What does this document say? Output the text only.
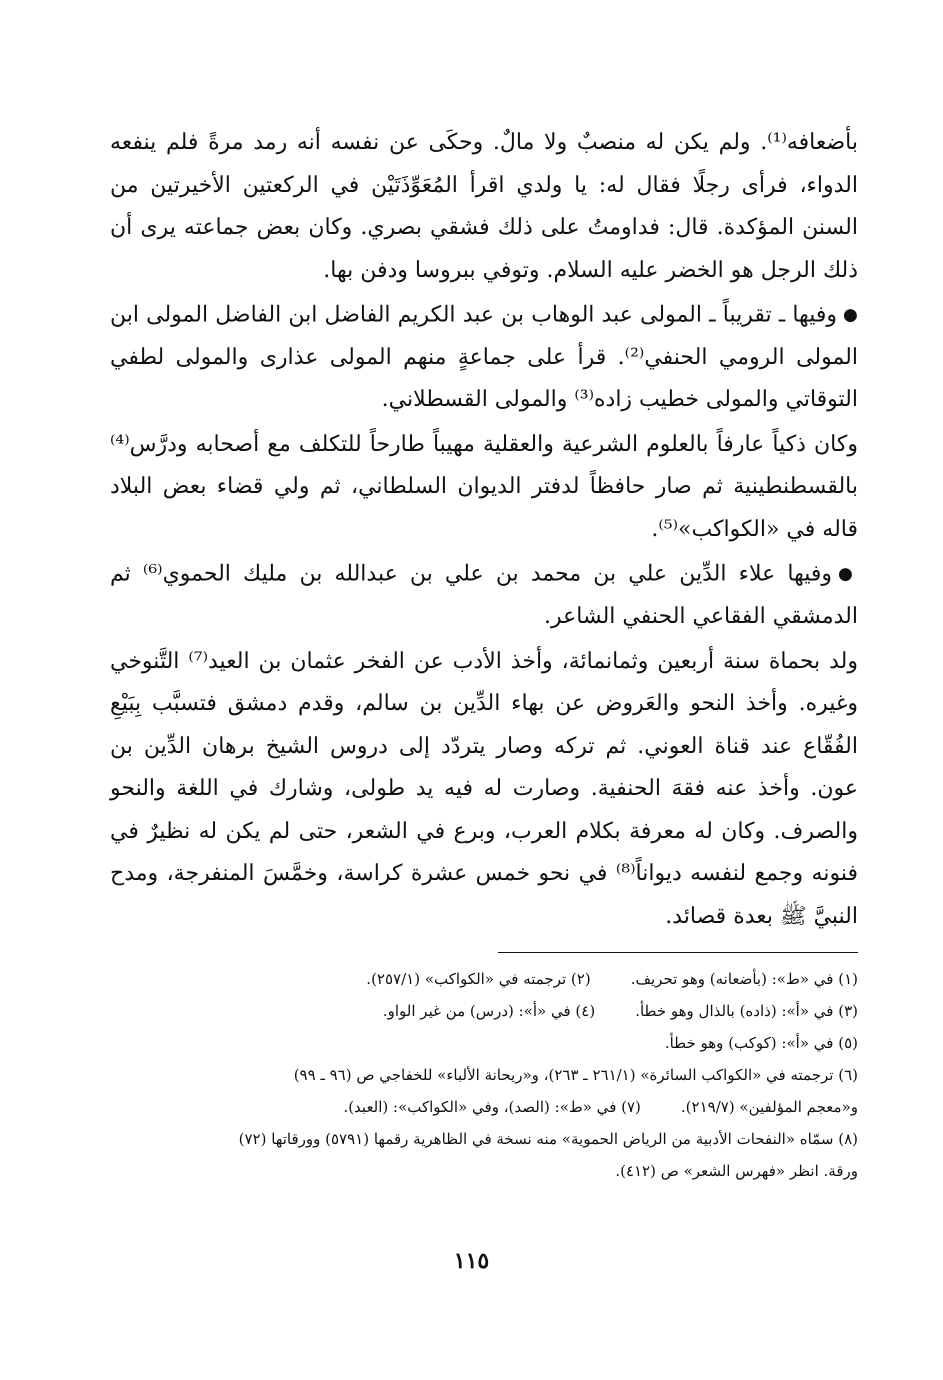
بأضعافه⁽¹⁾. ولم يكن له منصبٌ ولا مالٌ. وحكَى عن نفسه أنه رمد مرةً فلم ينفعه الدواء، فرأى رجلًا فقال له: يا ولدي اقرأ المُعَوِّذَتَيْن في الركعتين الأخيرتين من السنن المؤكدة. قال: فداومتُ على ذلك فشقي بصري. وكان بعض جماعته يرى أن ذلك الرجل هو الخضر عليه السلام. وتوفي ببروسا ودفن بها.

●وفيها ـ تقريباً ـ المولى عبد الوهاب بن عبد الكريم الفاضل ابن الفاضل المولى ابن المولى الرومي الحنفي⁽²⁾. قرأ على جماعةٍ منهم المولى عذارى والمولى لطفي التوقاتي والمولى خطيب زاده⁽³⁾ والمولى القسطلاني.

وكان ذكياً عارفاً بالعلوم الشرعية والعقلية مهيباً طارحاً للتكلف مع أصحابه ودرَّس⁽⁴⁾ بالقسطنطينية ثم صار حافظاً لدفتر الديوان السلطاني، ثم ولي قضاء بعض البلاد قاله في «الكواكب»⁽⁵⁾.

●وفيها علاء الدِّين علي بن محمد بن علي بن عبدالله بن مليك الحموي⁽⁶⁾ ثم الدمشقي الفقاعي الحنفي الشاعر.

ولد بحماة سنة أربعين وثمانمائة، وأخذ الأدب عن الفخر عثمان بن العيد⁽⁷⁾ التَّنوخي وغيره. وأخذ النحو والعَروض عن بهاء الدِّين بن سالم، وقدم دمشق فتسبَّب بِبَيْعِ الفُقّاع عند قناة العوني. ثم تركه وصار يتردّد إلى دروس الشيخ برهان الدِّين بن عون. وأخذ عنه فقهَ الحنفية. وصارت له فيه يد طولى، وشارك في اللغة والنحو والصرف. وكان له معرفة بكلام العرب، وبرع في الشعر، حتى لم يكن له نظيرٌ في فنونه وجمع لنفسه ديواناً⁽⁸⁾ في نحو خمس عشرة كراسة، وخمَّسَ المنفرجة، ومدح النبيَّ ﷺ بعدة قصائد.

(١) في «ط»: (بأضعانه) وهو تحريف.
(٢) ترجمته في «الكواكب» (٢٥٧/١).
(٣) في «أ»: (ذاده) بالذال وهو خطأ.
(٤) في «أ»: (درس) من غير الواو.
(٥) في «أ»: (كوكب) وهو خطأ.
(٦) ترجمته في «الكواكب السائرة» (٢٦١/١ ـ ٢٦٣)، و«ريحانة الألباء» للخفاجي ص (٩٦ ـ ٩٩)
و«معجم المؤلفين» (٢١٩/٧).
(٧) في «ط»: (الصد)، وفي «الكواكب»: (العبد).
(٨) سمّاه «النفحات الأدبية من الرياض الحموية» منه نسخة في الظاهرية رقمها (٥٧٩١) وورقاتها (٧٢)
ورقة. انظر «فهرس الشعر» ص (٤١٢).
١١٥
